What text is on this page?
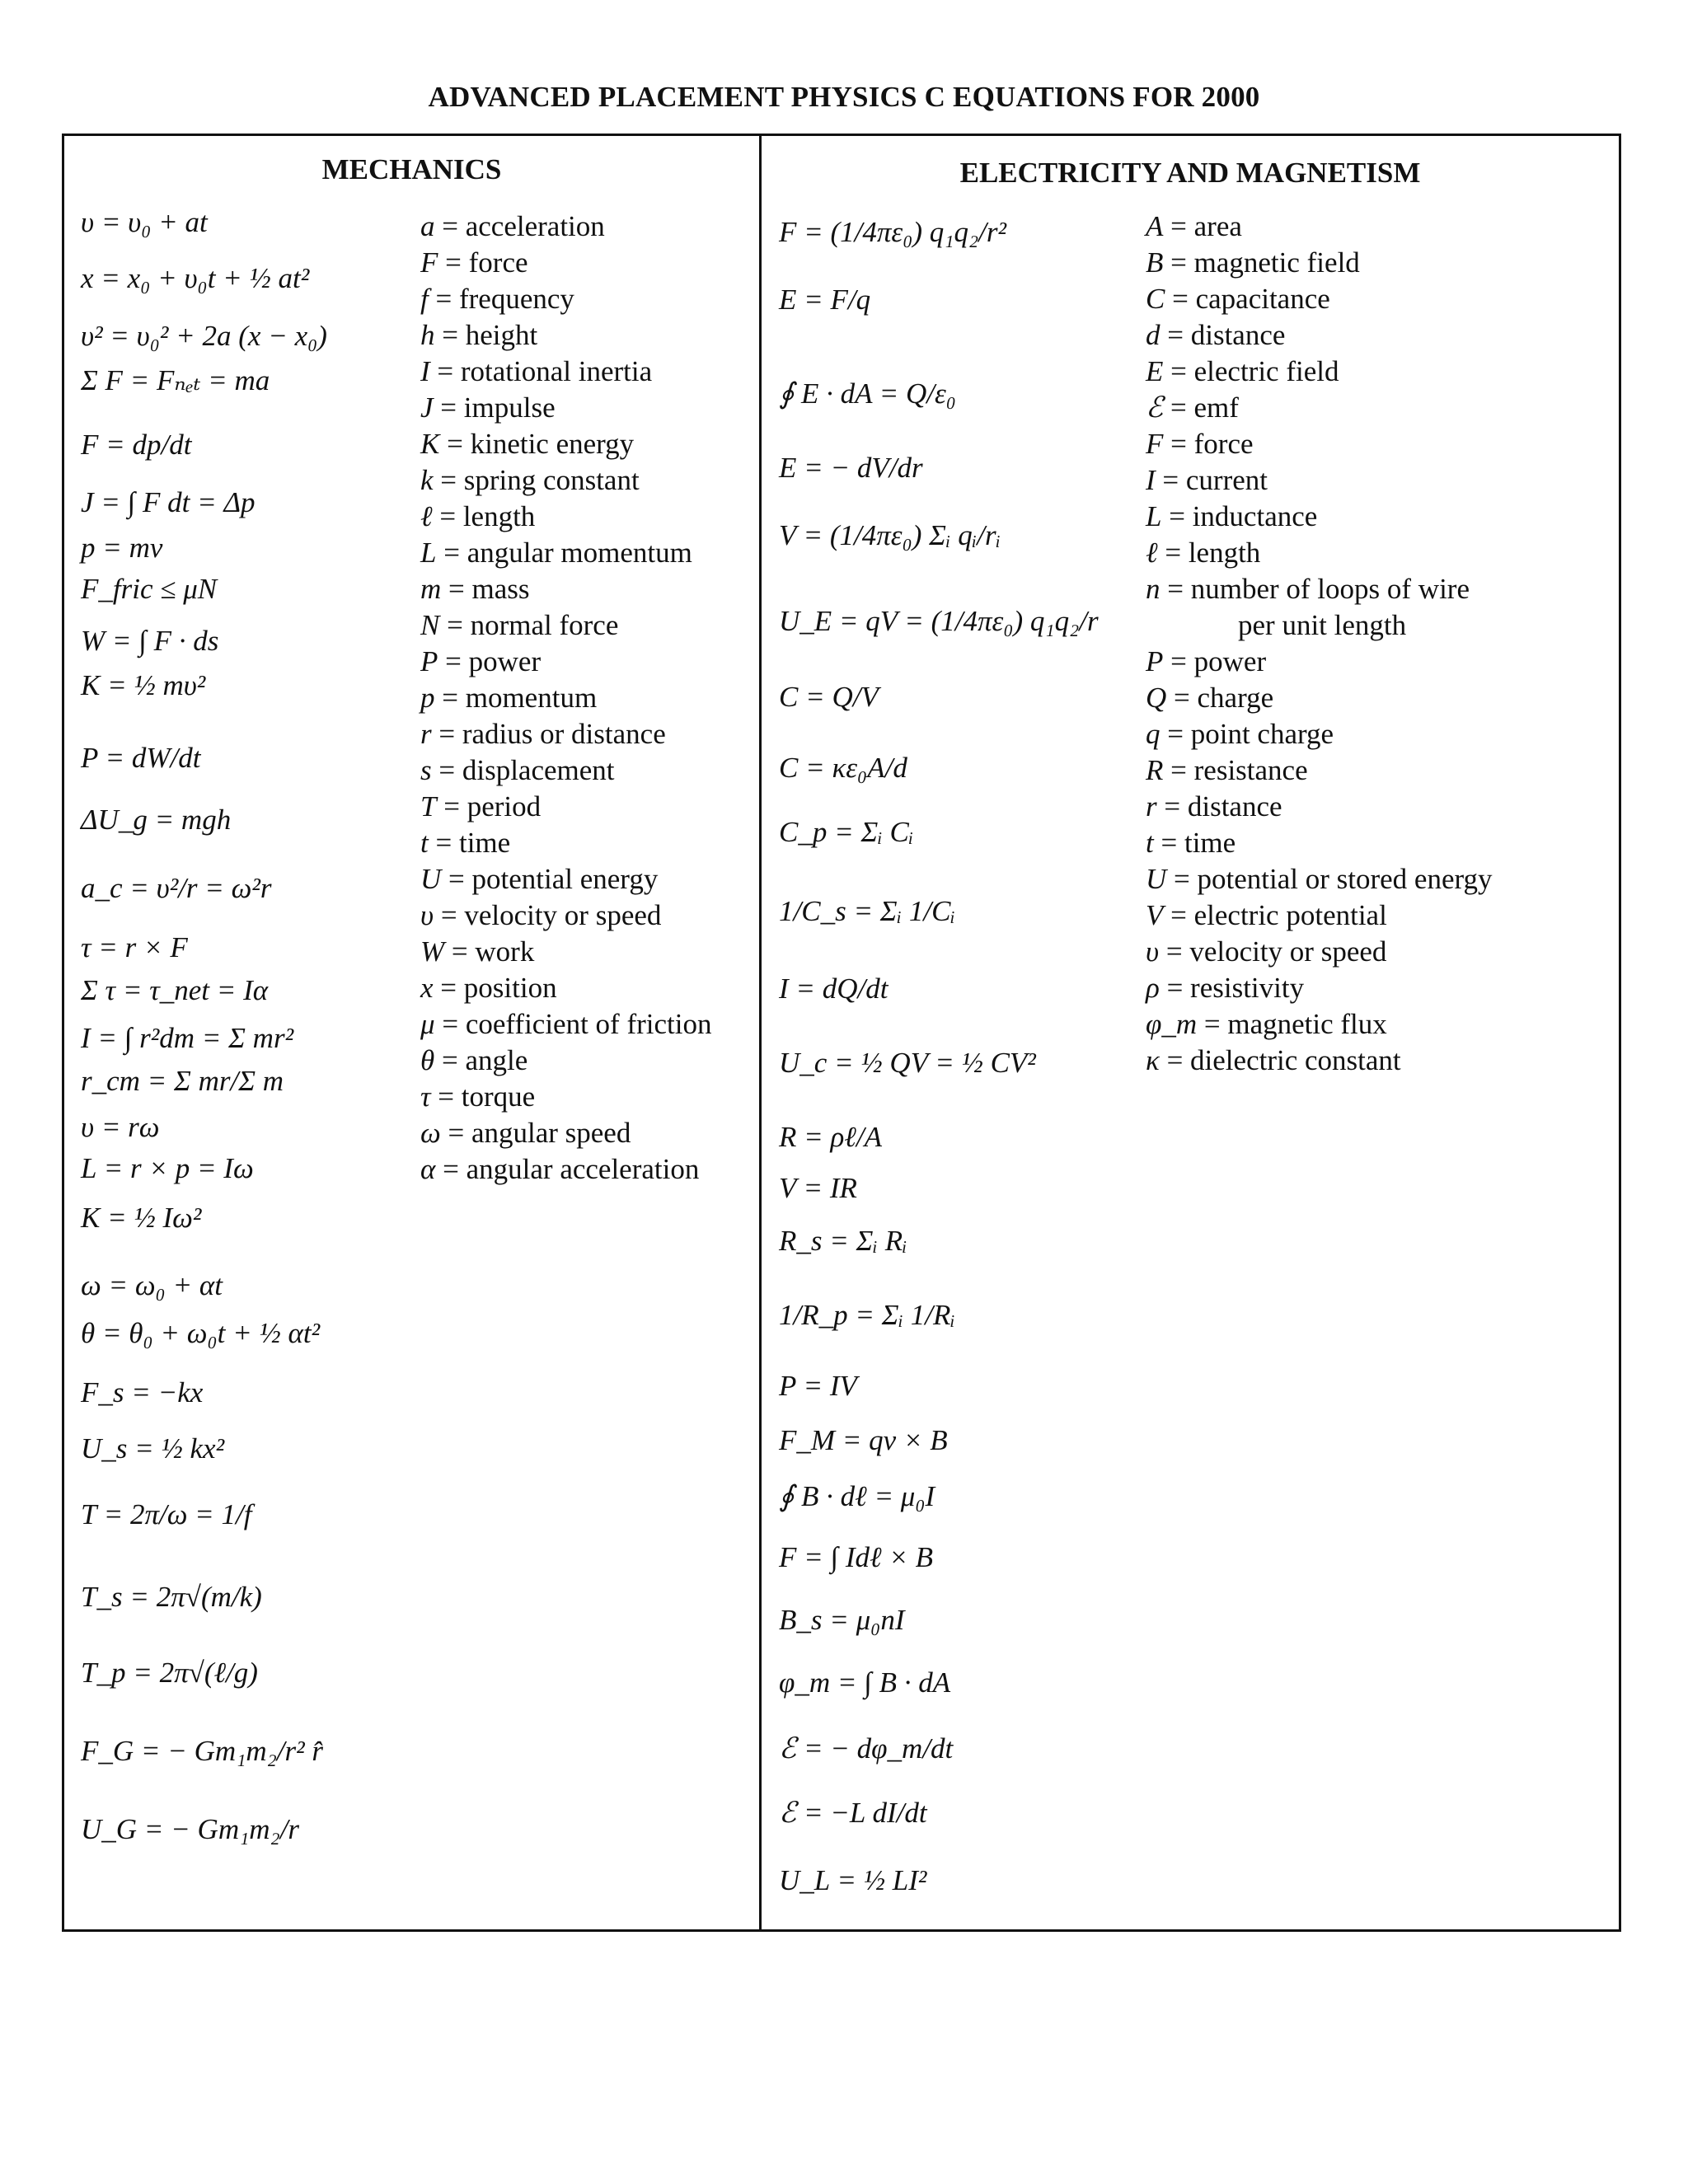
ADVANCED PLACEMENT PHYSICS C EQUATIONS FOR 2000
MECHANICS	ELECTRICITY AND MAGNETISM
υ = υ₀ + at
x = x₀ + υ₀t + ½ at²
υ² = υ₀² + 2a (x − x₀)
Σ F = Fₙₑₜ = ma
F = dp/dt
J = ∫ F dt = Δp
p = mv
F_fric ≤ μN
W = ∫ F · ds
K = ½ mυ²
P = dW/dt
ΔU_g = mgh
a_c = υ²/r = ω²r
τ = r × F
Σ τ = τ_net = Iα
I = ∫ r²dm = Σ mr²
r_cm = Σ mr/Σ m
υ = rω
L = r × p = Iω
K = ½ Iω²
ω = ω₀ + αt
θ = θ₀ + ω₀t + ½ αt²
F_s = −kx
U_s = ½ kx²
T = 2π/ω = 1/f
T_s = 2π√(m/k)
T_p = 2π√(ℓ/g)
F_G = − Gm₁m₂/r² r̂
U_G = − Gm₁m₂/r
a = acceleration
F = force
f = frequency
h = height
I = rotational inertia
J = impulse
K = kinetic energy
k = spring constant
ℓ = length
L = angular momentum
m = mass
N = normal force
P = power
p = momentum
r = radius or distance
s = displacement
T = period
t = time
U = potential energy
υ = velocity or speed
W = work
x = position
μ = coefficient of friction
θ = angle
τ = torque
ω = angular speed
α = angular acceleration
F = (1/4πε₀) q₁q₂/r²
E = F/q
∮ E · dA = Q/ε₀
E = − dV/dr
V = (1/4πε₀) Σᵢ qᵢ/rᵢ
U_E = qV = (1/4πε₀) q₁q₂/r
C = Q/V
C = κε₀A/d
C_p = Σᵢ Cᵢ
1/C_s = Σᵢ 1/Cᵢ
I = dQ/dt
U_c = ½ QV = ½ CV²
R = ρℓ/A
V = IR
R_s = Σᵢ Rᵢ
1/R_p = Σᵢ 1/Rᵢ
P = IV
F_M = qv × B
∮ B · dℓ = μ₀I
F = ∫ Idℓ × B
B_s = μ₀nI
φ_m = ∫ B · dA
ℰ = − dφ_m/dt
ℰ = −L dI/dt
U_L = ½ LI²
A = area
B = magnetic field
C = capacitance
d = distance
E = electric field
ℰ = emf
F = force
I = current
L = inductance
ℓ = length
n = number of loops of wire
per unit length
P = power
Q = charge
q = point charge
R = resistance
r = distance
t = time
U = potential or stored energy
V = electric potential
υ = velocity or speed
ρ = resistivity
φ_m = magnetic flux
κ = dielectric constant
